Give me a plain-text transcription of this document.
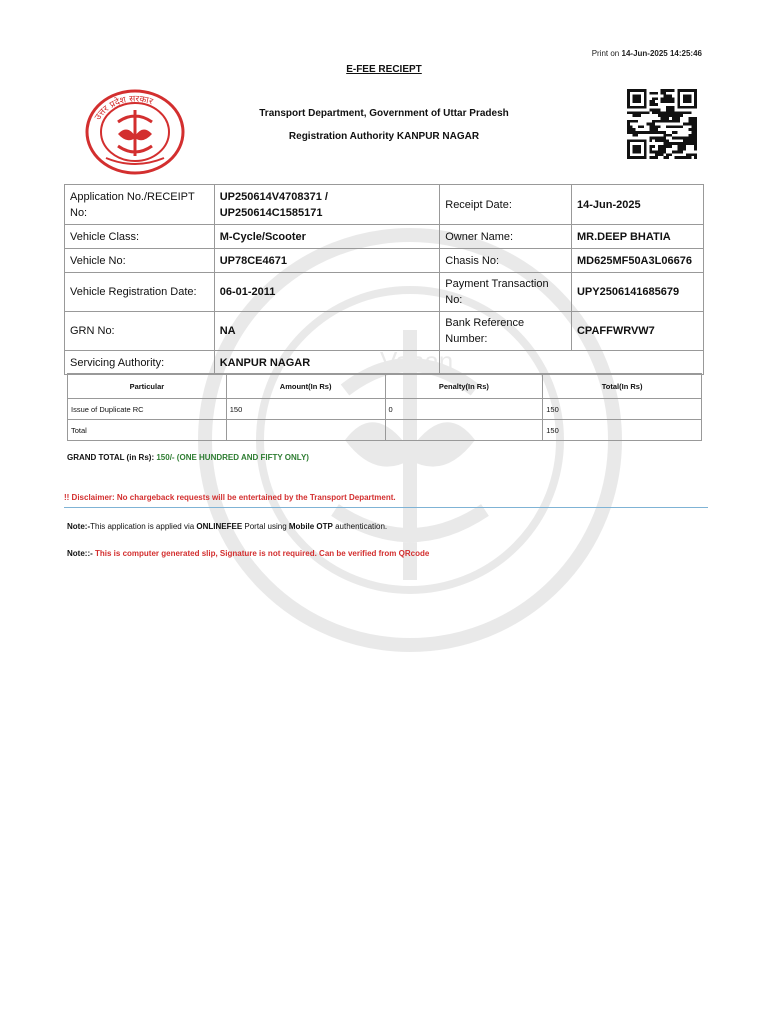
Vahan
Print on 14-Jun-2025 14:25:46
E-FEE RECIEPT
Transport Department, Government of Uttar Pradesh
Registration Authority KANPUR NAGAR
उत्तर प्रदेश सरकार
Application No./RECEIPT No:	UP250614V4708371 /
UP250614C1585171	Receipt Date:	14-Jun-2025
Vehicle Class:	M-Cycle/Scooter	Owner Name:	MR.DEEP BHATIA
Vehicle No:	UP78CE4671	Chasis No:	MD625MF50A3L06676
Vehicle Registration Date:	06-01-2011	Payment Transaction No:	UPY2506141685679
GRN No:	NA	Bank Reference Number:	CPAFFWRVW7
Servicing Authority:	KANPUR NAGAR		
Particular	Amount(In Rs)	Penalty(In Rs)	Total(In Rs)
Issue of Duplicate RC	150	0	150
Total			150
GRAND TOTAL (in Rs): 150/- (ONE HUNDRED AND FIFTY ONLY)
!! Disclaimer: No chargeback requests will be entertained by the Transport Department.
Note:-This application is applied via ONLINEFEE Portal using Mobile OTP authentication.
Note::- This is computer generated slip, Signature is not required. Can be verified from QRcode
